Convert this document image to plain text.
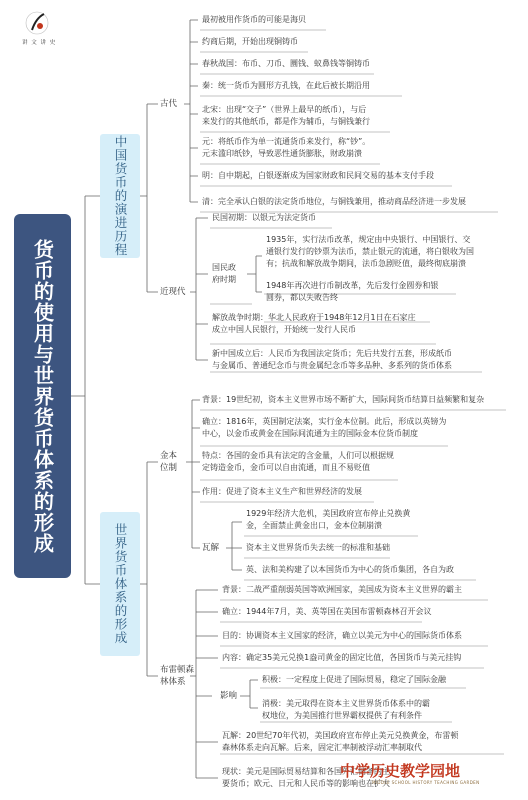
讲 文 讲 史
货币的使用与世界货币体系的形成
中国货币的演进历程
古代
近现代
最初被用作货币的可能是海贝
约商后期，开始出现铜铸币
春秋战国：布币、刀币、圜钱、蚁鼻钱等铜铸币
秦：统一货币为圆形方孔钱，在此后被长期沿用
北宋：出现“交子”（世界上最早的纸币），与后
来发行的其他纸币，都是作为辅币，与铜钱兼行
元：将纸币作为单一流通货币来发行，称“钞”。
元末滥印纸钞，导致恶性通货膨胀，财政崩溃
明：自中期起，白银逐渐成为国家财政和民间交易的基本支付手段
清：完全承认白银的法定货币地位，与铜钱兼用，推动商品经济进一步发展
民国初期：以银元为法定货币
国民政
府时期
1935年，实行法币改革，规定由中央银行、中国银行、交
通银行发行的钞票为法币，禁止银元的流通，将白银收为国
有；抗战和解放战争期间，法币急剧贬值，最终彻底崩溃
1948年再次进行币制改革，先后发行金圆券和银
圆券，都以失败告终
解放战争时期：华北人民政府于1948年12月1日在石家庄
成立中国人民银行，开始统一发行人民币
新中国成立后：人民币为我国法定货币；先后共发行五套，形成纸币
与金属币、普通纪念币与贵金属纪念币等多品种、多系列的货币体系
世界货币体系的形成
金本
位制
布雷顿森
林体系
背景：19世纪初，资本主义世界市场不断扩大，国际间货币结算日益频繁和复杂
确立：1816年，英国制定法案，实行金本位制。此后，形成以英镑为
中心，以金币或黄金在国际间流通为主的国际金本位货币制度
特点：各国的金币具有法定的含金量，人们可以根据规
定铸造金币，金币可以自由流通，而且不易贬值
作用：促进了资本主义生产和世界经济的发展
瓦解
1929年经济大危机，美国政府宣布停止兑换黄
金，全面禁止黄金出口，金本位制崩溃
资本主义世界货币失去统一的标准和基础
英、法和美构建了以本国货币为中心的货币集团，各自为政
背景：二战严重削弱英国等欧洲国家，美国成为资本主义世界的霸主
确立：1944年7月，美、英等国在美国布雷顿森林召开会议
目的：协调资本主义国家的经济，确立以美元为中心的国际货币体系
内容：确定35美元兑换1盎司黄金的固定比值，各国货币与美元挂钩
影响
积极：一定程度上促进了国际贸易，稳定了国际金融
消极：美元取得在资本主义世界货币体系中的霸
权地位，为美国推行世界霸权提供了有利条件
瓦解：20世纪70年代初，美国政府宣布停止美元兑换黄金，布雷顿
森林体系走向瓦解。后来，固定汇率制被浮动汇率制取代
现状：美元是国际贸易结算和各国外汇储备的主
要货币；欧元、日元和人民币等的影响也在扩大
中学历史教学园地
MIDDLE SCHOOL HISTORY TEACHING GARDEN
